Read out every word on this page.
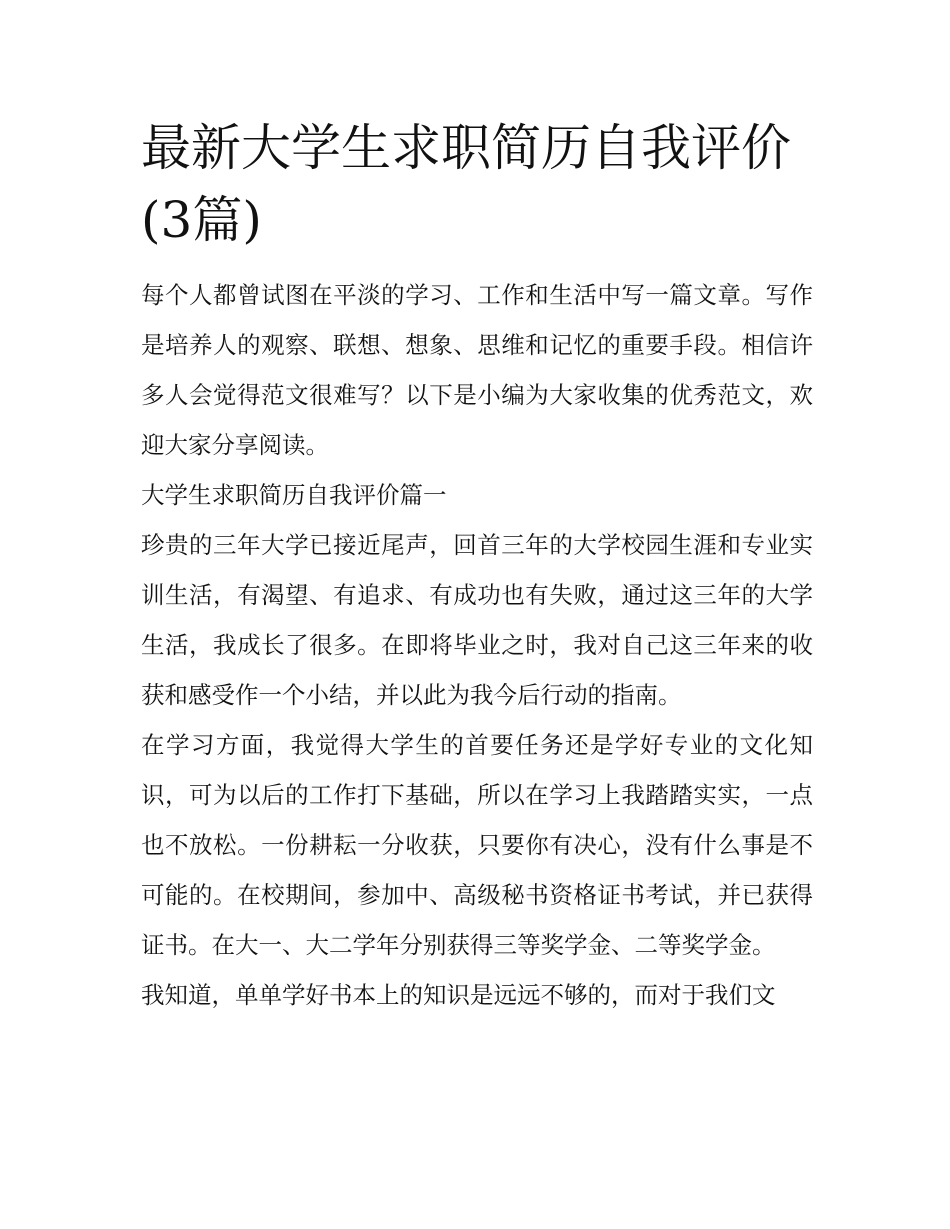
最新大学生求职简历自我评价(3篇)

每个人都曾试图在平淡的学习、工作和生活中写一篇文章。写作是培养人的观察、联想、想象、思维和记忆的重要手段。相信许多人会觉得范文很难写？以下是小编为大家收集的优秀范文，欢迎大家分享阅读。

大学生求职简历自我评价篇一

珍贵的三年大学已接近尾声，回首三年的大学校园生涯和专业实训生活，有渴望、有追求、有成功也有失败，通过这三年的大学生活，我成长了很多。在即将毕业之时，我对自己这三年来的收获和感受作一个小结，并以此为我今后行动的指南。

在学习方面，我觉得大学生的首要任务还是学好专业的文化知识，可为以后的工作打下基础，所以在学习上我踏踏实实，一点也不放松。一份耕耘一分收获，只要你有决心，没有什么事是不可能的。在校期间，参加中、高级秘书资格证书考试，并已获得证书。在大一、大二学年分别获得三等奖学金、二等奖学金。

我知道，单单学好书本上的知识是远远不够的，而对于我们文
